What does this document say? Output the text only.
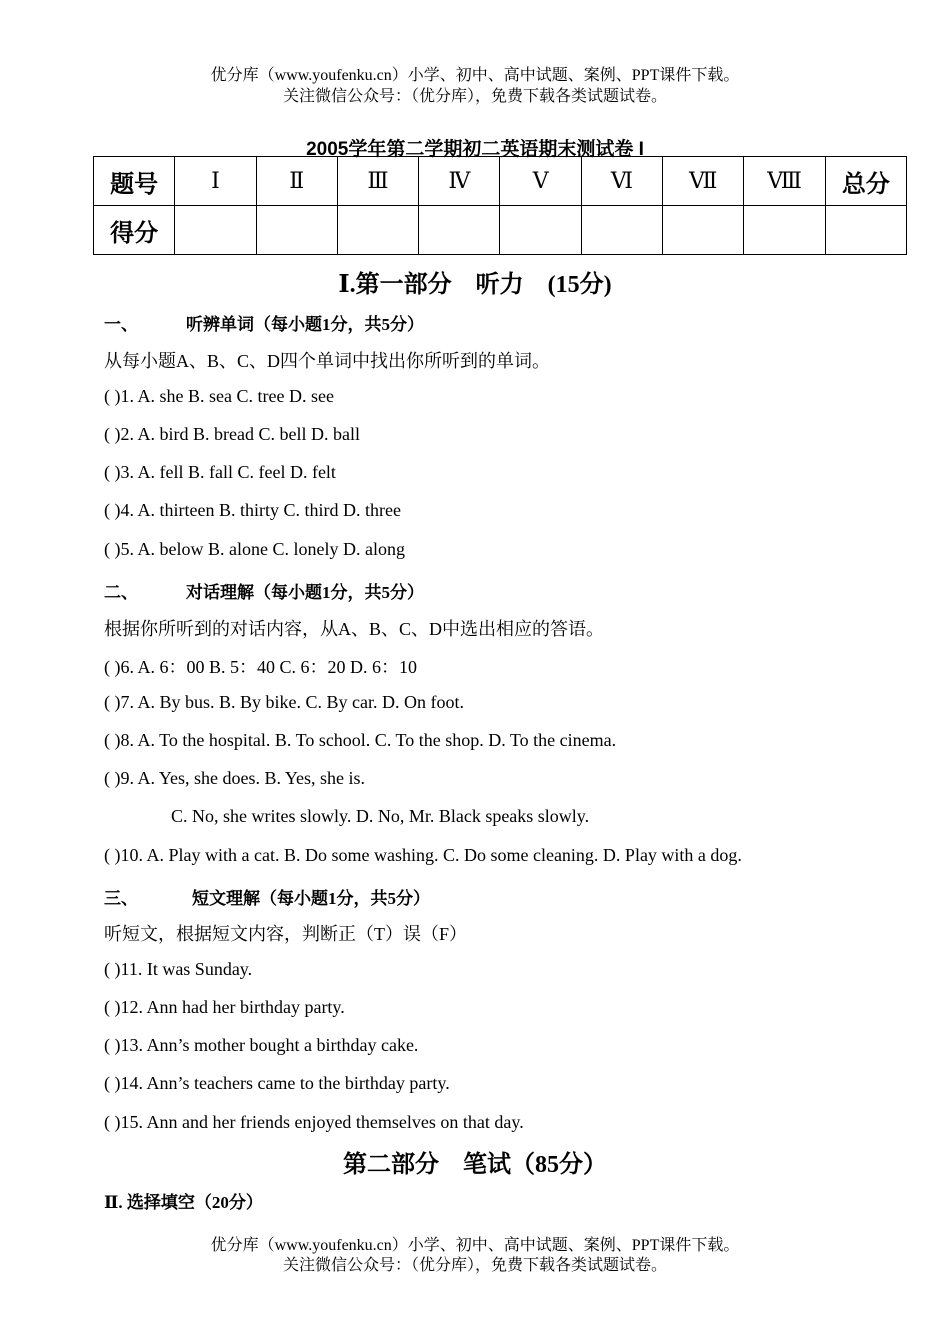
优分库（www.youfenku.cn）小学、初中、高中试题、案例、PPT课件下载。
关注微信公众号：（优分库），免费下载各类试题试卷。
2005学年第二学期初二英语期末测试卷 I
题号	Ⅰ	Ⅱ	Ⅲ	Ⅳ	Ⅴ	Ⅵ	Ⅶ	Ⅷ	总分
得分									
Ⅰ.第一部分　听力　(15分)
一、	听辨单词（每小题1分，共5分）
从每小题A、B、C、D四个单词中找出你所听到的单词。
( )1. A. she B. sea C. tree D. see
( )2. A. bird B. bread C. bell D. ball
( )3. A. fell B. fall C. feel D. felt
( )4. A. thirteen B. thirty C. third D. three
( )5. A. below B. alone C. lonely D. along
二、	对话理解（每小题1分，共5分）
根据你所听到的对话内容，从A、B、C、D中选出相应的答语。
( )6. A. 6：00 B. 5：40 C. 6：20 D. 6：10
( )7. A. By bus. B. By bike. C. By car. D. On foot.
( )8. A. To the hospital. B. To school. C. To the shop. D. To the cinema.
( )9. A. Yes, she does. B. Yes, she is.
C. No, she writes slowly. D. No, Mr. Black speaks slowly.
( )10. A. Play with a cat. B. Do some washing. C. Do some cleaning. D. Play with a dog.
三、	短文理解（每小题1分，共5分）
听短文，根据短文内容，判断正（T）误（F）
( )11. It was Sunday.
( )12. Ann had her birthday party.
( )13. Ann’s mother bought a birthday cake.
( )14. Ann’s teachers came to the birthday party.
( )15. Ann and her friends enjoyed themselves on that day.
第二部分　笔试（85分）
Ⅱ. 选择填空（20分）
优分库（www.youfenku.cn）小学、初中、高中试题、案例、PPT课件下载。
关注微信公众号：（优分库），免费下载各类试题试卷。
